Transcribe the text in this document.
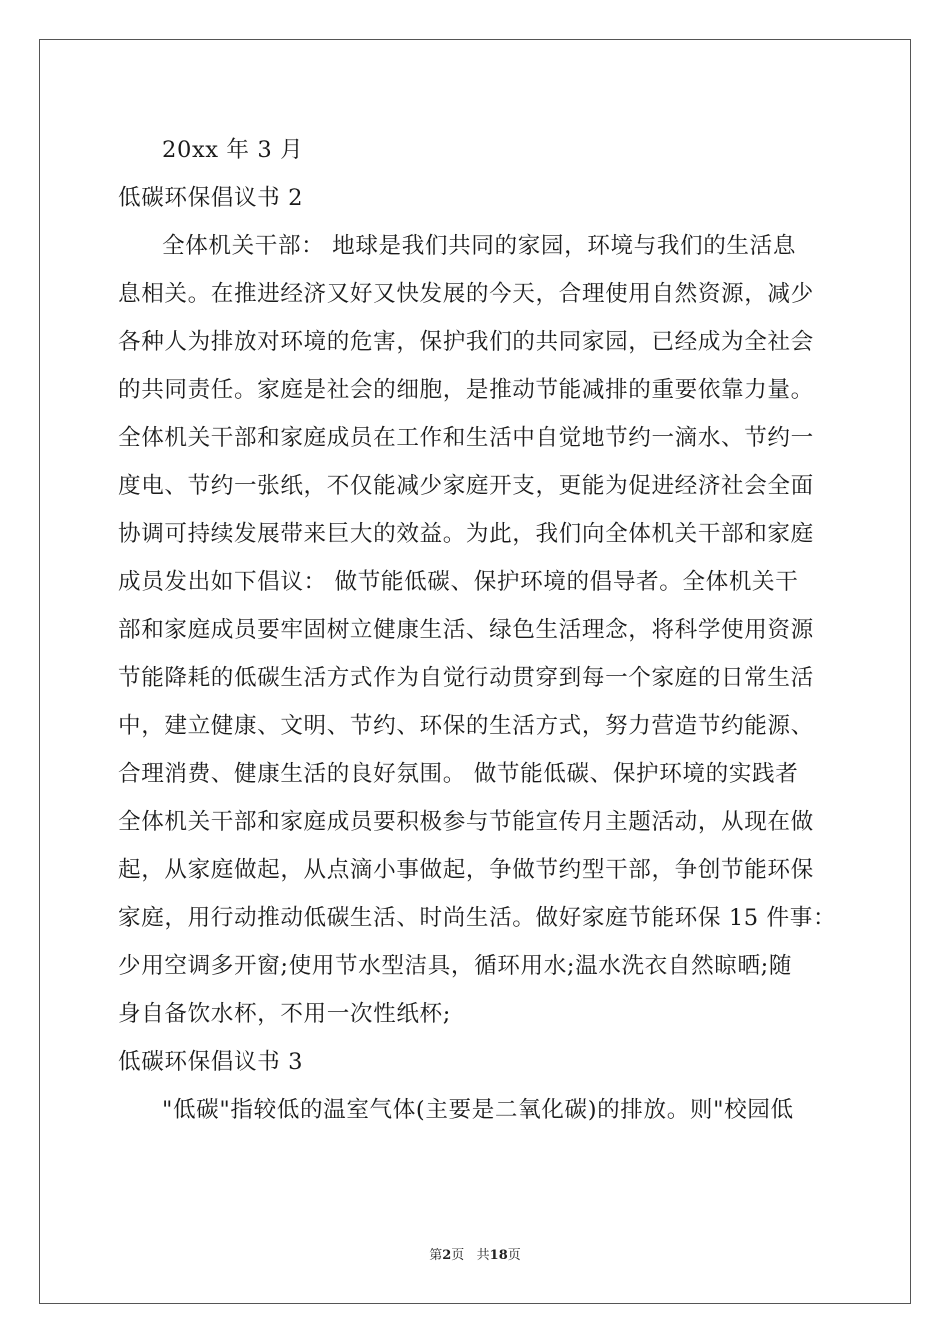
20xx 年 3 月
低碳环保倡议书 2
全体机关干部： 地球是我们共同的家园，环境与我们的生活息
息相关。在推进经济又好又快发展的今天，合理使用自然资源，减少
各种人为排放对环境的危害，保护我们的共同家园，已经成为全社会
的共同责任。家庭是社会的细胞，是推动节能减排的重要依靠力量。
全体机关干部和家庭成员在工作和生活中自觉地节约一滴水、节约一
度电、节约一张纸，不仅能减少家庭开支，更能为促进经济社会全面
协调可持续发展带来巨大的效益。为此，我们向全体机关干部和家庭
成员发出如下倡议： 做节能低碳、保护环境的倡导者。全体机关干
部和家庭成员要牢固树立健康生活、绿色生活理念，将科学使用资源
节能降耗的低碳生活方式作为自觉行动贯穿到每一个家庭的日常生活
中，建立健康、文明、节约、环保的生活方式，努力营造节约能源、
合理消费、健康生活的良好氛围。 做节能低碳、保护环境的实践者
全体机关干部和家庭成员要积极参与节能宣传月主题活动，从现在做
起，从家庭做起，从点滴小事做起，争做节约型干部，争创节能环保
家庭，用行动推动低碳生活、时尚生活。做好家庭节能环保 15 件事：
少用空调多开窗;使用节水型洁具，循环用水;温水洗衣自然晾晒;随
身自备饮水杯，不用一次性纸杯;
低碳环保倡议书 3
"低碳"指较低的温室气体(主要是二氧化碳)的排放。则"校园低
第2页   共18页
